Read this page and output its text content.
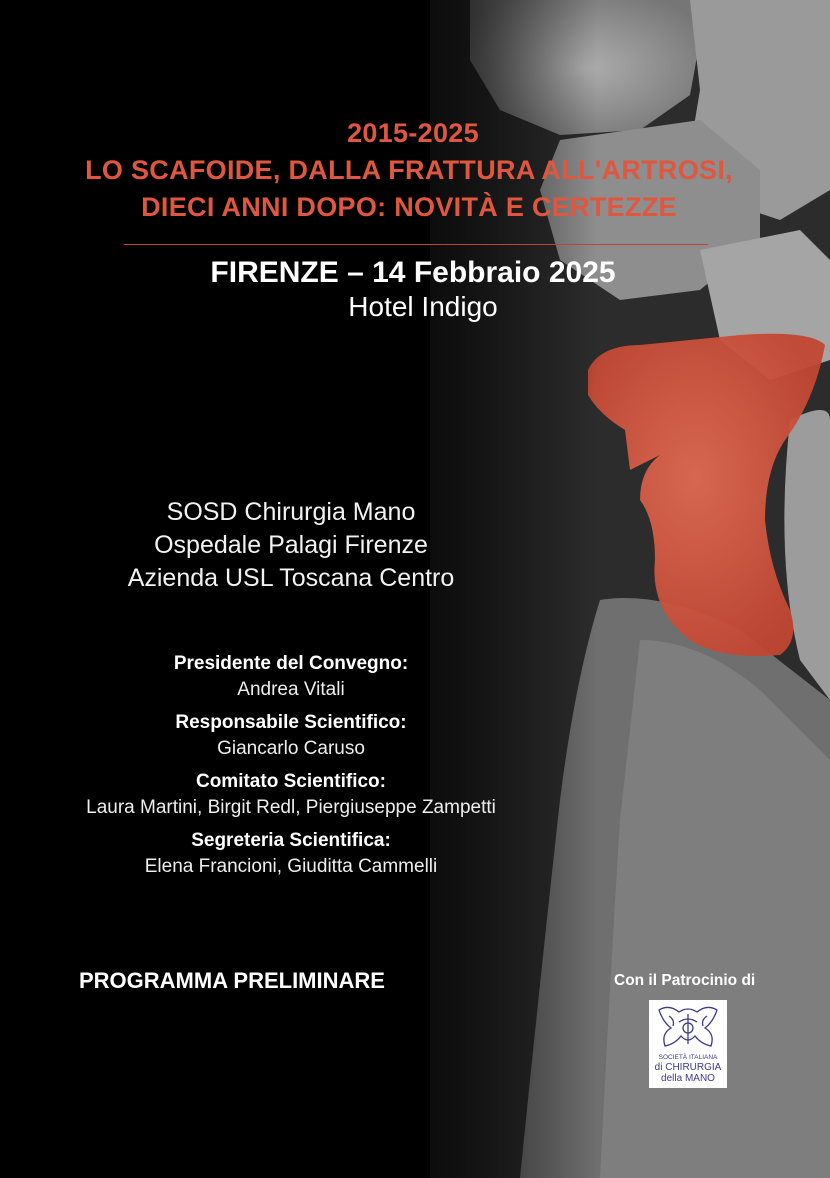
2015-2025
LO SCAFOIDE, DALLA FRATTURA ALL'ARTROSI,
DIECI ANNI DOPO: NOVITÀ E CERTEZZE
FIRENZE – 14 Febbraio 2025
Hotel Indigo
SOSD Chirurgia Mano
Ospedale Palagi Firenze
Azienda USL Toscana Centro
Presidente del Convegno:
Andrea Vitali
Responsabile Scientifico:
Giancarlo Caruso
Comitato Scientifico:
Laura Martini, Birgit Redl, Piergiuseppe Zampetti
Segreteria Scientifica:
Elena Francioni, Giuditta Cammelli
PROGRAMMA PRELIMINARE	Con il Patrocinio di
SOCIETÀ ITALIANA
di CHIRURGIA
della MANO
